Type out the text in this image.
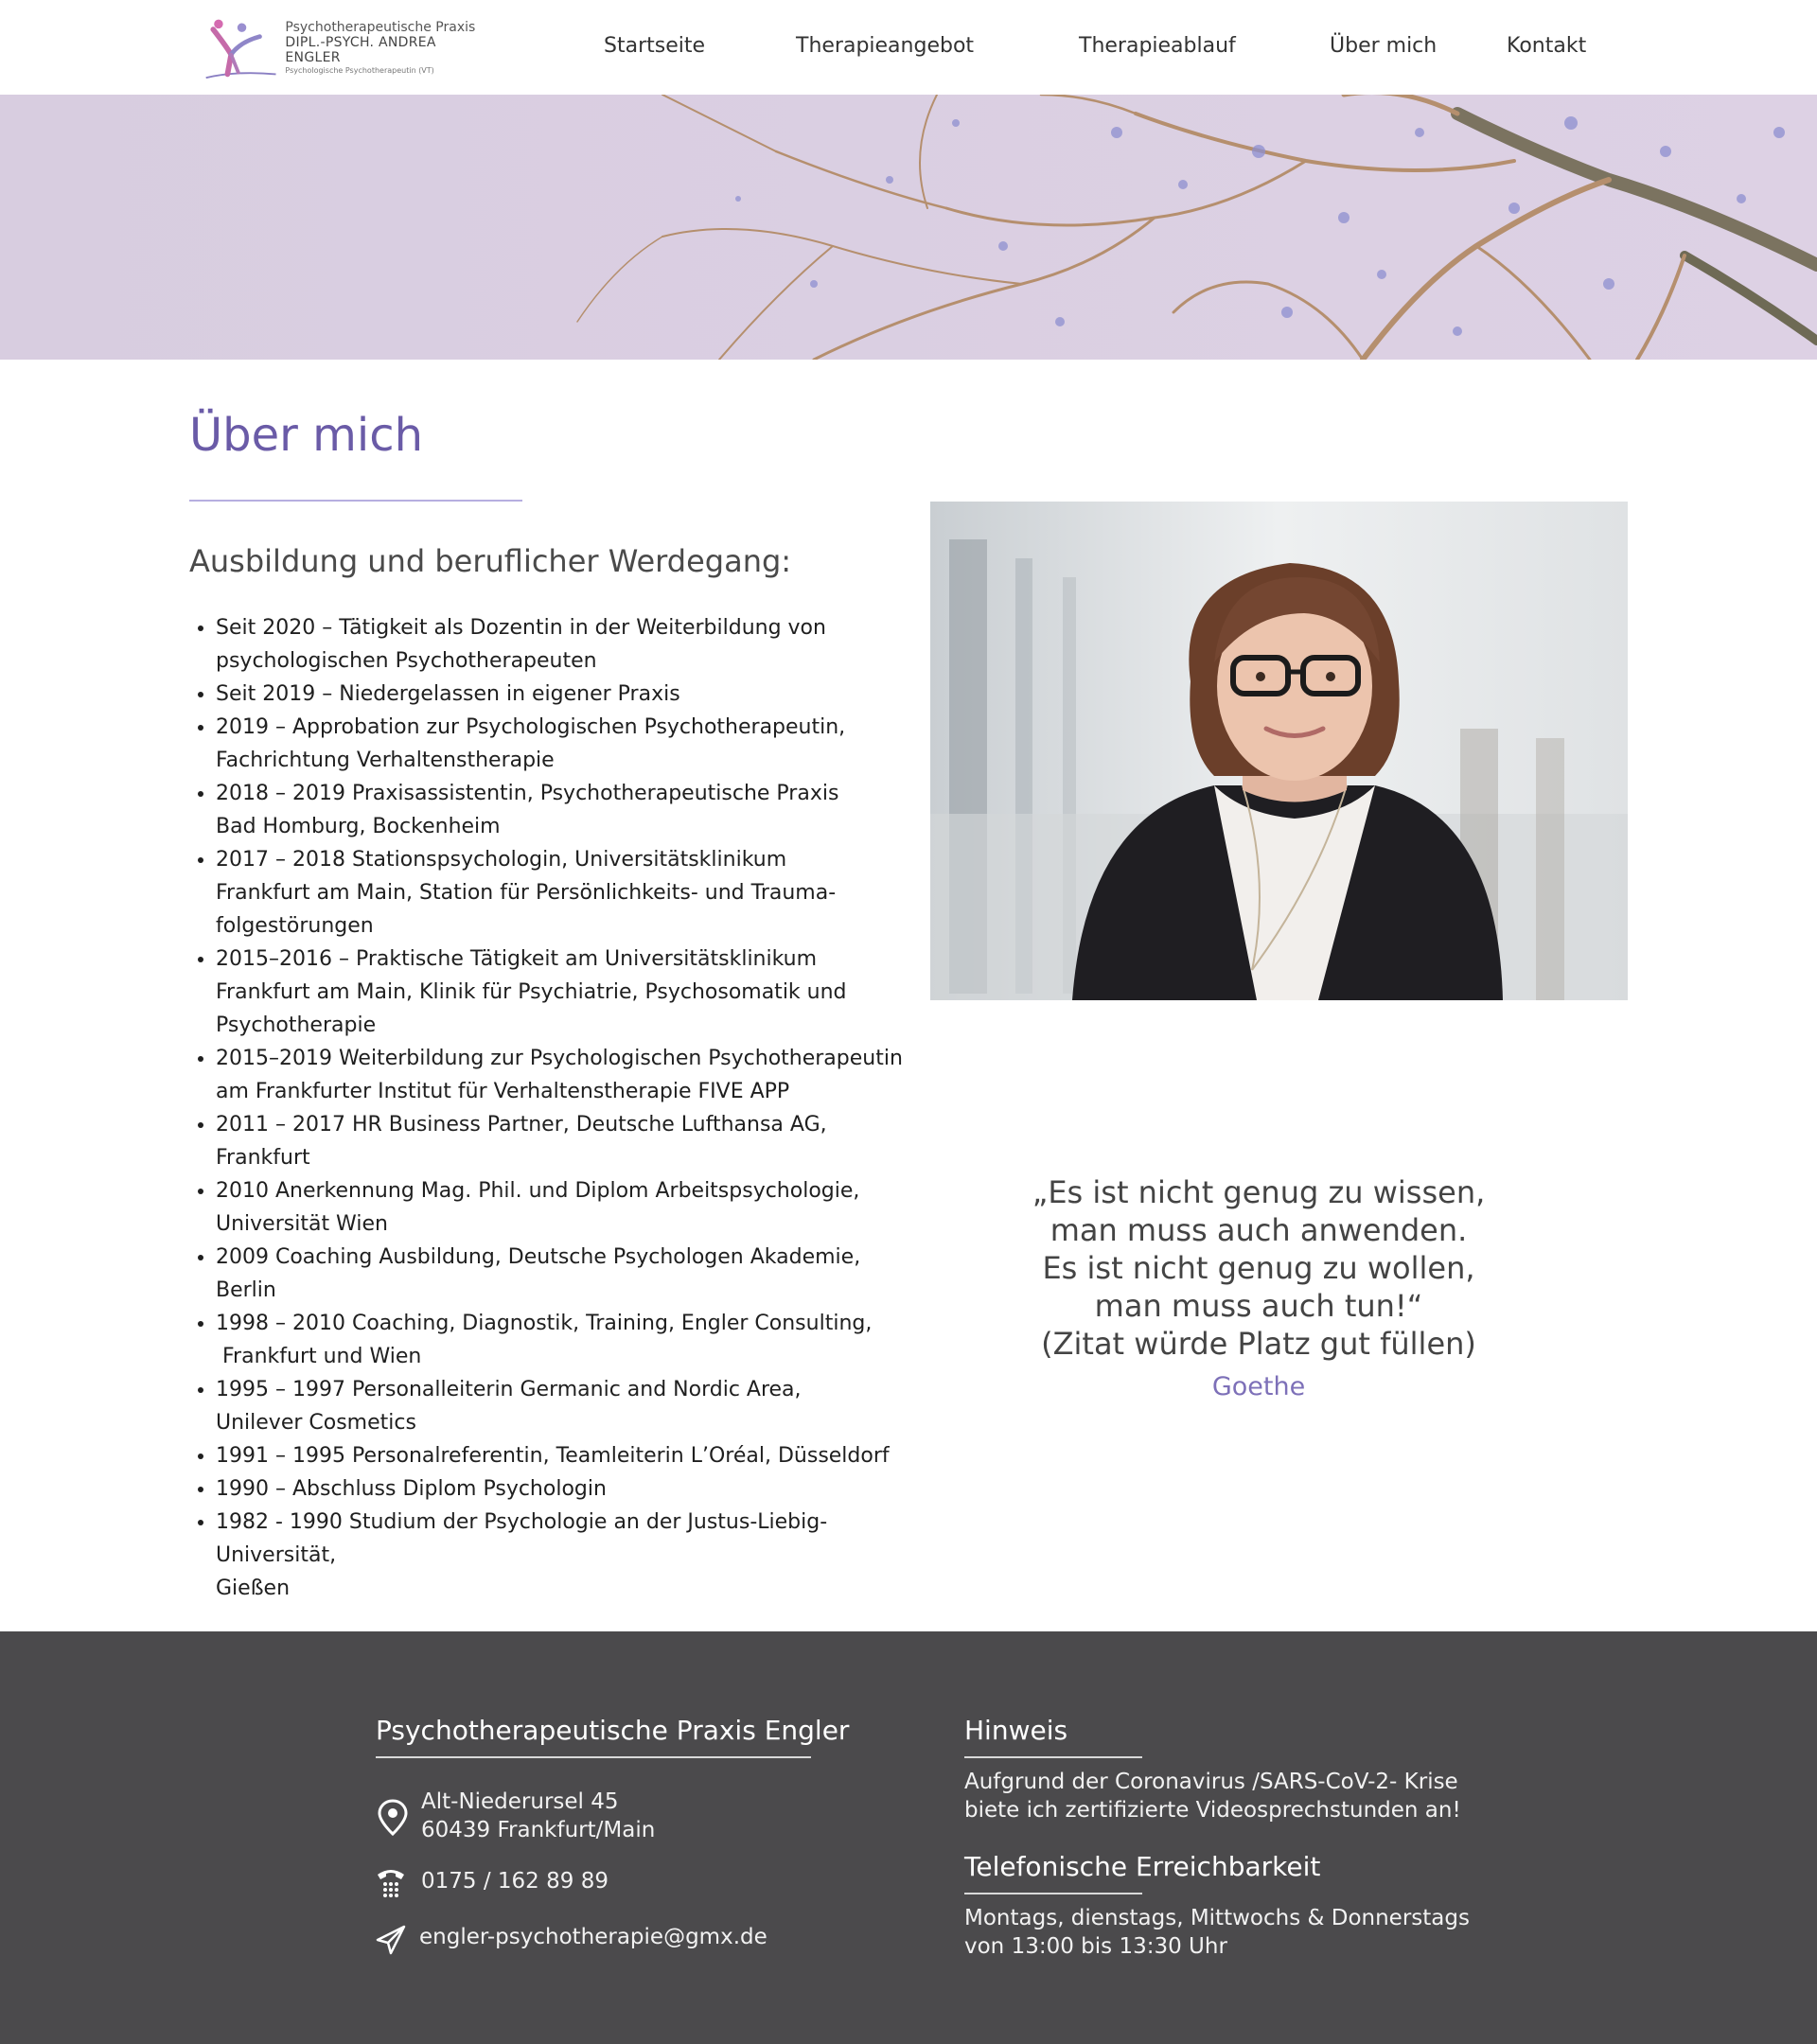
Psychotherapeutische Praxis
DIPL.-PSYCH. ANDREA ENGLER
Psychologische Psychotherapeutin (VT)
Startseite	Therapieangebot	Therapieablauf	Über mich	Kontakt
Über mich
Ausbildung und beruflicher Werdegang:
• Seit 2020 – Tätigkeit als Dozentin in der Weiterbildung von
psychologischen Psychotherapeuten
• Seit 2019 – Niedergelassen in eigener Praxis
• 2019 – Approbation zur Psychologischen Psychotherapeutin,
Fachrichtung Verhaltenstherapie
• 2018 – 2019 Praxisassistentin, Psychotherapeutische Praxis
Bad Homburg, Bockenheim
• 2017 – 2018 Stationspsychologin, Universitätsklinikum
Frankfurt am Main, Station für Persönlichkeits- und Trauma-
folgestörungen
• 2015–2016 – Praktische Tätigkeit am Universitätsklinikum
Frankfurt am Main, Klinik für Psychiatrie, Psychosomatik und
Psychotherapie
• 2015–2019 Weiterbildung zur Psychologischen Psychotherapeutin
am Frankfurter Institut für Verhaltenstherapie FIVE APP
• 2011 – 2017 HR Business Partner, Deutsche Lufthansa AG, Frankfurt
• 2010 Anerkennung Mag. Phil. und Diplom Arbeitspsychologie,
Universität Wien
• 2009 Coaching Ausbildung, Deutsche Psychologen Akademie,
Berlin
• 1998 – 2010 Coaching, Diagnostik, Training, Engler Consulting,
Frankfurt und Wien
• 1995 – 1997 Personalleiterin Germanic and Nordic Area,
Unilever Cosmetics
• 1991 – 1995 Personalreferentin, Teamleiterin L’Oréal, Düsseldorf
• 1990 – Abschluss Diplom Psychologin
• 1982 - 1990 Studium der Psychologie an der Justus-Liebig-Universität,
Gießen
„Es ist nicht genug zu wissen,
man muss auch anwenden.
Es ist nicht genug zu wollen,
man muss auch tun!“
(Zitat würde Platz gut füllen)
Goethe
Psychotherapeutische Praxis Engler
Alt-Niederursel 45
60439 Frankfurt/Main
0175 / 162 89 89
engler-psychotherapie@gmx.de
Hinweis
Aufgrund der Coronavirus /SARS-CoV-2- Krise
biete ich zertifizierte Videosprechstunden an!
Telefonische Erreichbarkeit
Montags, dienstags, Mittwochs & Donnerstags
von 13:00 bis 13:30 Uhr
